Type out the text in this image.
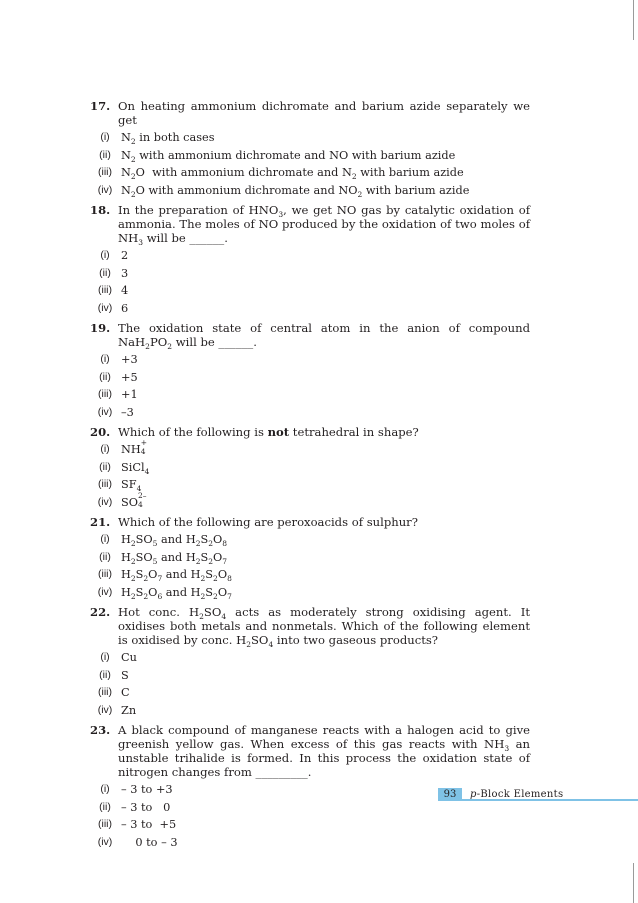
17. On heating ammonium dichromate and barium azide separately we get
(i)	$N_2$ in both cases
(ii) $N_2$ with ammonium dichromate and NO with barium azide
(iii) $N_2O$  with ammonium dichromate and $N_2$ with barium azide
(iv) $N_2O$ with ammonium dichromate and $NO_2$ with barium azide
18. In the preparation of $HNO_3$, we get NO gas by catalytic oxidation of ammonia. The moles of NO produced by the oxidation of two moles of $NH_3$ will be ______.
(i)	2
(ii) 3
(iii) 4
(iv) 6
19. The oxidation state of central atom in the anion of compound $NaH_2PO_2$ will be ______.
(i)	+3
(ii) +5
(iii) +1
(iv) –3
20. Which of the following is not tetrahedral in shape?
(i)	NH
+
4
(ii) SiCl$_4$
(iii) $SF_4$
(iv) SO
2–
4
21. Which of the following are peroxoacids of sulphur?
(i)	$H_2SO_5$ and $H_2S_2O_8$
(ii) $H_2SO_5$ and $H_2S_2O_7$
(iii) $H_2S_2O_7$ and $H_2S_2O_8$
(iv) $H_2S_2O_6$ and $H_2S_2O_7$
22. Hot conc. $H_2SO_4$ acts as moderately strong oxidising agent. It oxidises both metals and nonmetals. Which of the following element is oxidised by conc. $H_2SO_4$ into two gaseous products?
(i)	Cu
(ii) S
(iii) C
(iv) Zn
23. A black compound of manganese reacts with a halogen acid to give greenish yellow gas. When excess of this gas reacts with $NH_3$ an unstable trihalide is formed. In this process the oxidation state of nitrogen changes from _________.
(i)	– 3 to +3
(ii) – 3 to   0
(iii) – 3 to  +5
(iv) 0 to – 3
93	p-Block Elements
